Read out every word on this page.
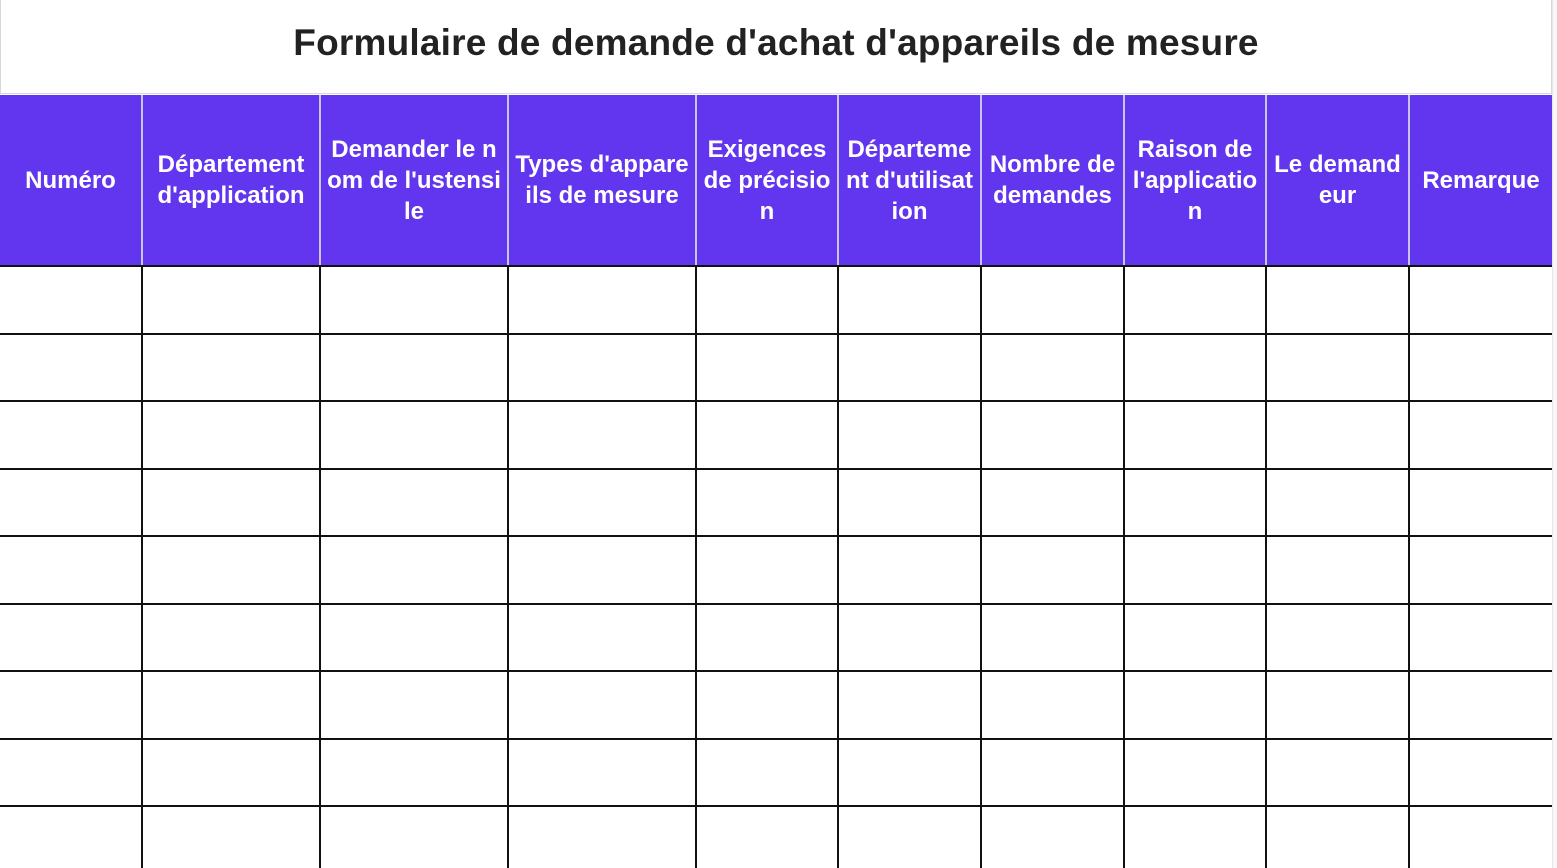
Formulaire de demande d'achat d'appareils de mesure
Numéro	Département d'application	Demander le nom de l'ustensile	Types d'appareils de mesure	Exigences de précision	Département d'utilisation	Nombre de demandes	Raison de l'application	Le demandeur	Remarque
